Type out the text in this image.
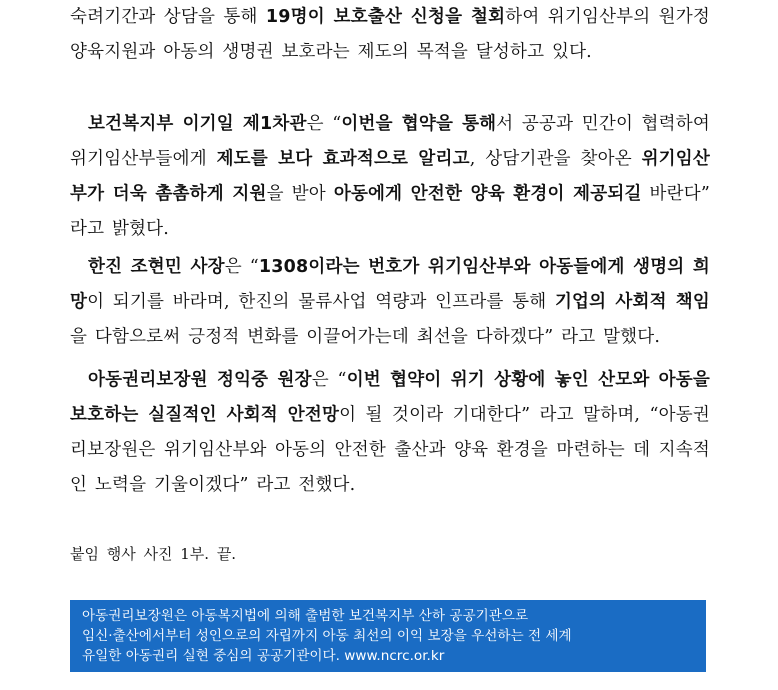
숙려기간과 상담을 통해 19명이 보호출산 신청을 철회하여 위기임산부의 원가정 양육지원과 아동의 생명권 보호라는 제도의 목적을 달성하고 있다.

보건복지부 이기일 제1차관은 “이번을 협약을 통해서 공공과 민간이 협력하여 위기임산부들에게 제도를 보다 효과적으로 알리고, 상담기관을 찾아온 위기임산부가 더욱 촘촘하게 지원을 받아 아동에게 안전한 양육 환경이 제공되길 바란다” 라고 밝혔다.

한진 조현민 사장은 “1308이라는 번호가 위기임산부와 아동들에게 생명의 희망이 되기를 바라며, 한진의 물류사업 역량과 인프라를 통해 기업의 사회적 책임을 다함으로써 긍정적 변화를 이끌어가는데 최선을 다하겠다” 라고 말했다.

아동권리보장원 정익중 원장은 “이번 협약이 위기 상황에 놓인 산모와 아동을 보호하는 실질적인 사회적 안전망이 될 것이라 기대한다” 라고 말하며, “아동권리보장원은 위기임산부와 아동의 안전한 출산과 양육 환경을 마련하는 데 지속적인 노력을 기울이겠다” 라고 전했다.

붙임 행사 사진 1부. 끝.

아동권리보장원은 아동복지법에 의해 출범한 보건복지부 산하 공공기관으로
임신·출산에서부터 성인으로의 자립까지 아동 최선의 이익 보장을 우선하는 전 세계
유일한 아동권리 실현 중심의 공공기관이다. www.ncrc.or.kr
